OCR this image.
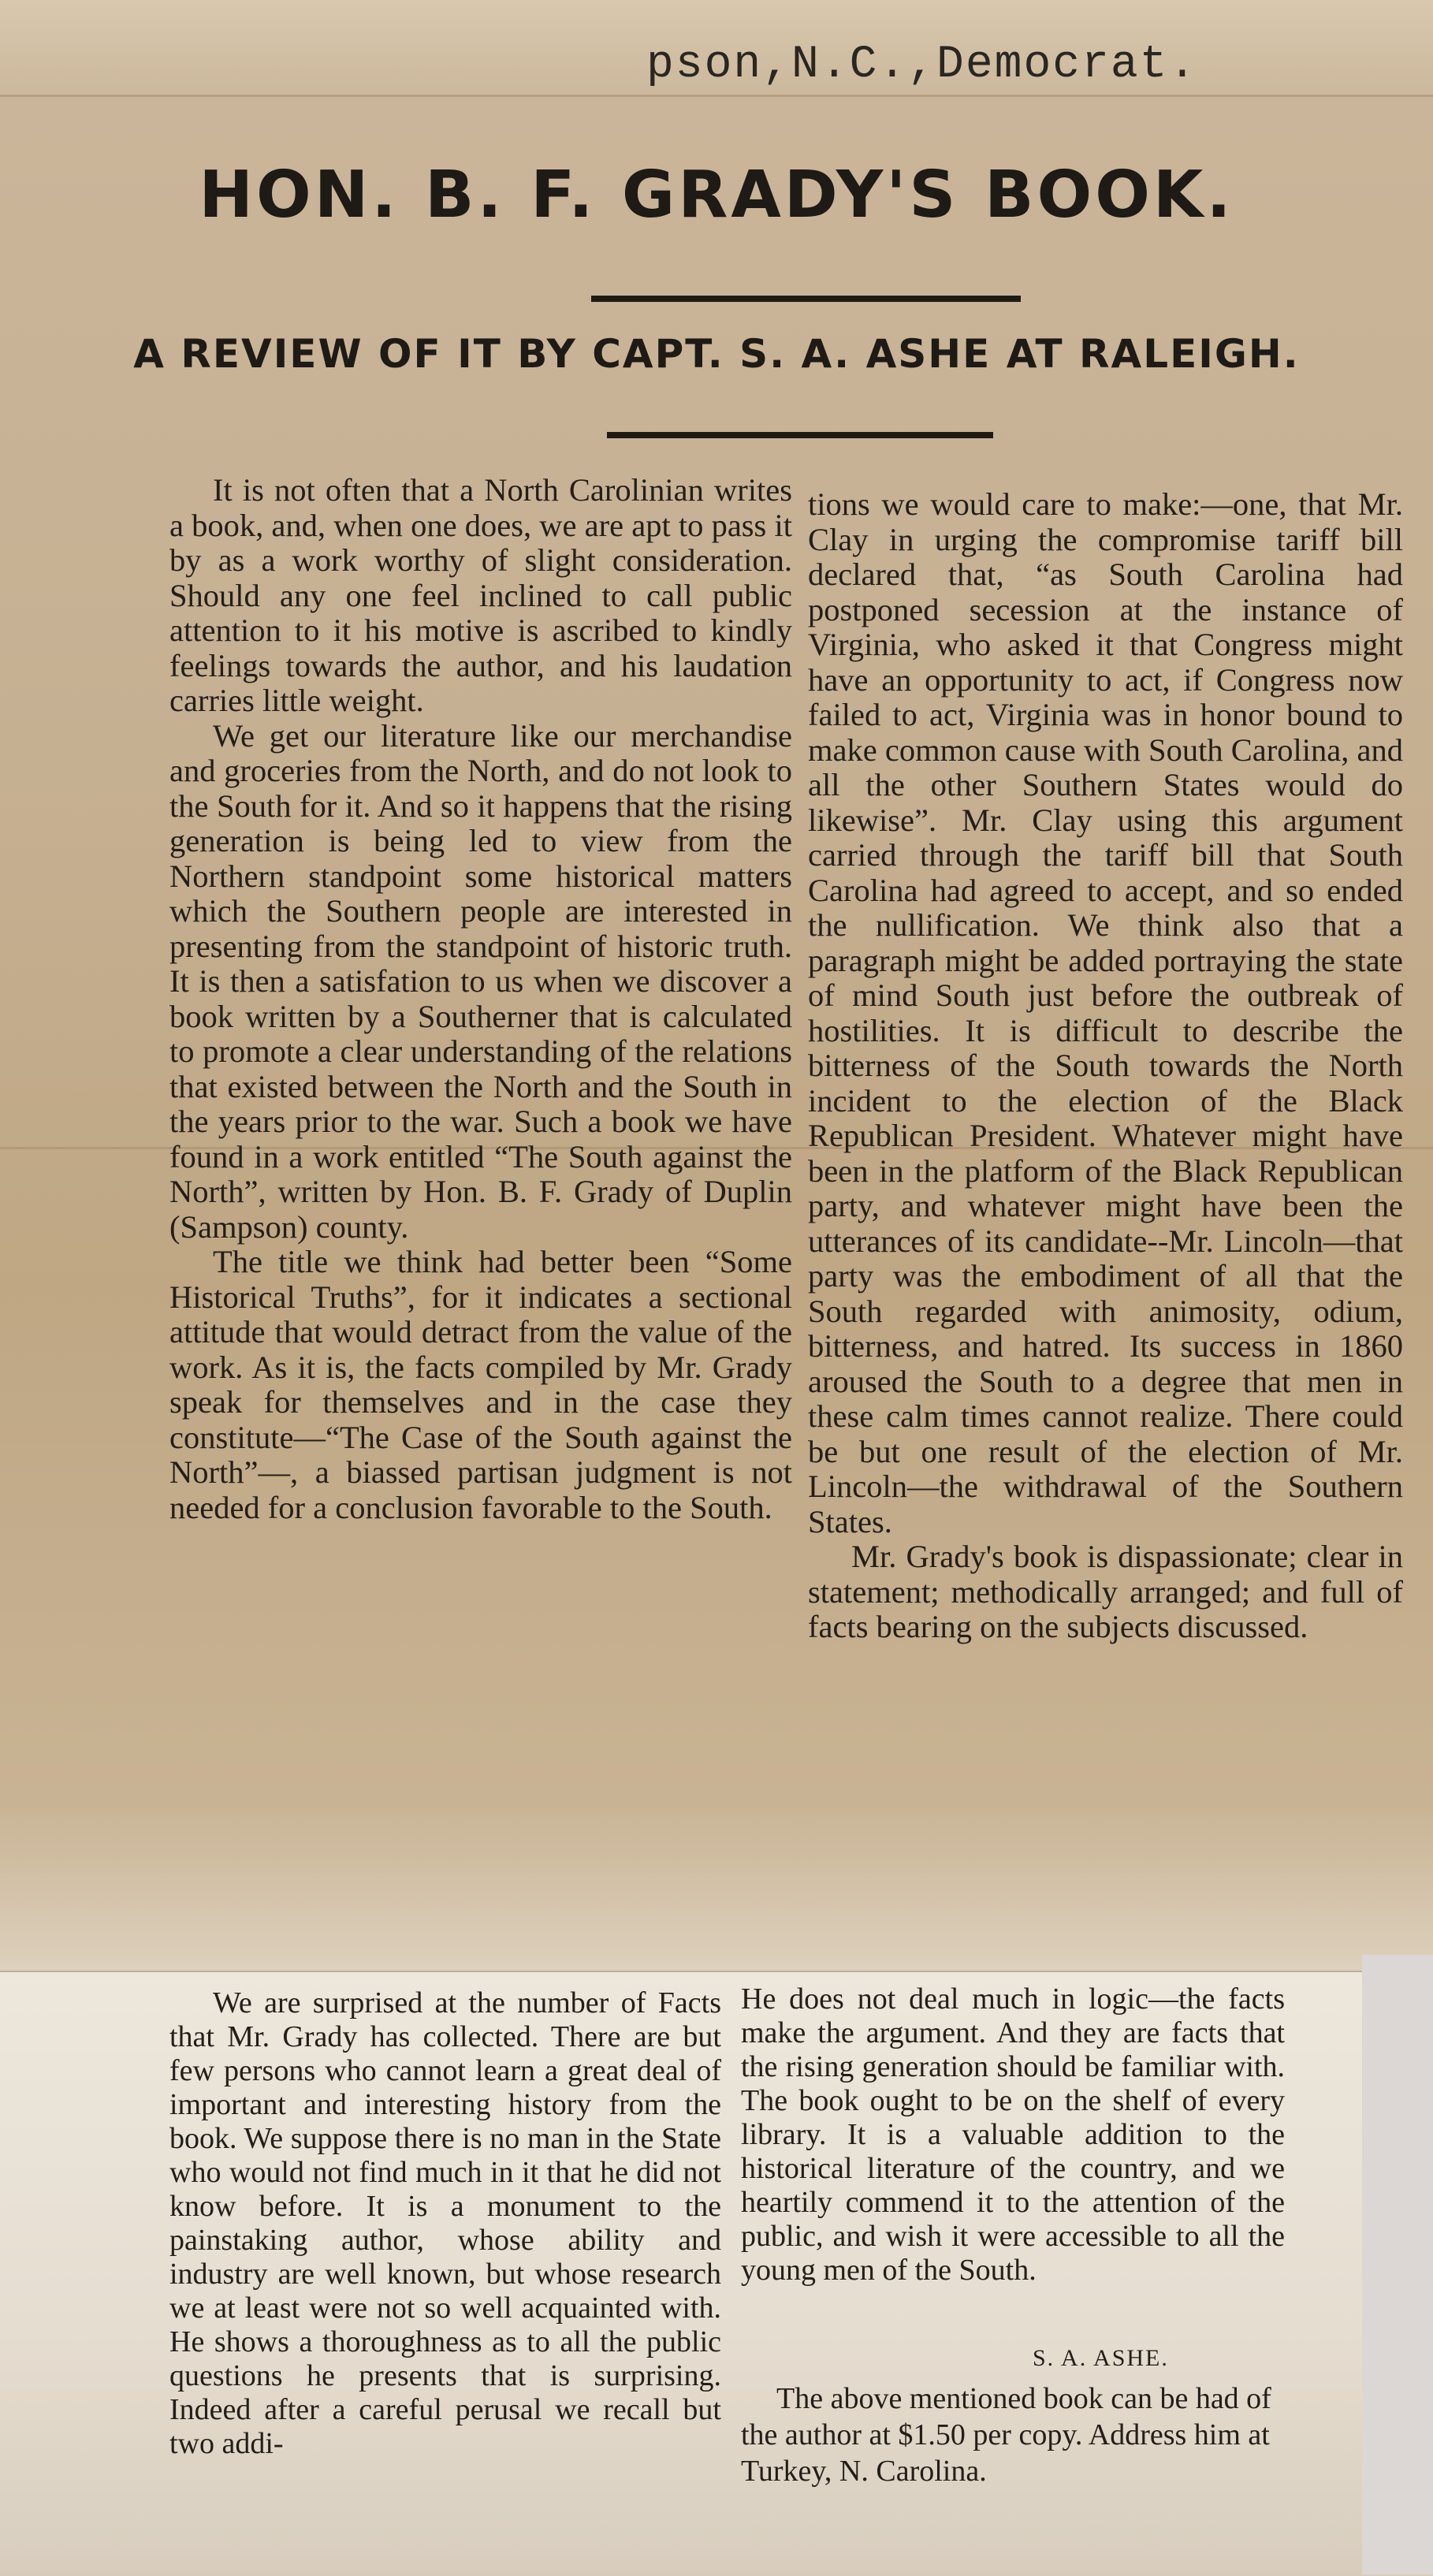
pson,N.C.,Democrat.
HON. B. F. GRADY'S BOOK.
A REVIEW OF IT BY CAPT. S. A. ASHE AT RALEIGH.

It is not often that a North Carolinian writes a book, and, when one does, we are apt to pass it by as a work worthy of slight consideration. Should any one feel inclined to call public attention to it his motive is ascribed to kindly feelings towards the author, and his laudation carries little weight.

We get our literature like our merchandise and groceries from the North, and do not look to the South for it. And so it happens that the rising generation is being led to view from the Northern standpoint some historical matters which the Southern people are interested in presenting from the standpoint of historic truth. It is then a satisfation to us when we discover a book written by a Southerner that is calculated to promote a clear understanding of the relations that existed between the North and the South in the years prior to the war. Such a book we have found in a work entitled “The South against the North”, written by Hon. B. F. Grady of Duplin (Sampson) county.

The title we think had better been “Some Historical Truths”, for it indicates a sectional attitude that would detract from the value of the work. As it is, the facts compiled by Mr. Grady speak for themselves and in the case they constitute—“The Case of the South against the North”—, a biassed partisan judgment is not needed for a conclusion favorable to the South.

tions we would care to make:—one, that Mr. Clay in urging the compromise tariff bill declared that, “as South Carolina had postponed secession at the instance of Virginia, who asked it that Congress might have an opportunity to act, if Congress now failed to act, Virginia was in honor bound to make common cause with South Carolina, and all the other Southern States would do likewise”. Mr. Clay using this argument carried through the tariff bill that South Carolina had agreed to accept, and so ended the nullification. We think also that a paragraph might be added portraying the state of mind South just before the outbreak of hostilities. It is difficult to describe the bitterness of the South towards the North incident to the election of the Black Republican President. Whatever might have been in the platform of the Black Republican party, and whatever might have been the utterances of its candidate--Mr. Lincoln—that party was the embodiment of all that the South regarded with animosity, odium, bitterness, and hatred. Its success in 1860 aroused the South to a degree that men in these calm times cannot realize. There could be but one result of the election of Mr. Lincoln—the withdrawal of the Southern States.

Mr. Grady's book is dispassionate; clear in statement; methodically arranged; and full of facts bearing on the subjects discussed.

We are surprised at the number of Facts that Mr. Grady has collected. There are but few persons who cannot learn a great deal of important and interesting history from the book. We suppose there is no man in the State who would not find much in it that he did not know before. It is a monument to the painstaking author, whose ability and industry are well known, but whose research we at least were not so well acquainted with. He shows a thoroughness as to all the public questions he presents that is surprising. Indeed after a careful perusal we recall but two addi-

He does not deal much in logic—the facts make the argument. And they are facts that the rising generation should be familiar with. The book ought to be on the shelf of every library. It is a valuable addition to the historical literature of the country, and we heartily commend it to the attention of the public, and wish it were accessible to all the young men of the South.

S. A. ASHE.
The above mentioned book can be had of the author at $1.50 per copy. Address him at Turkey, N. Carolina.
